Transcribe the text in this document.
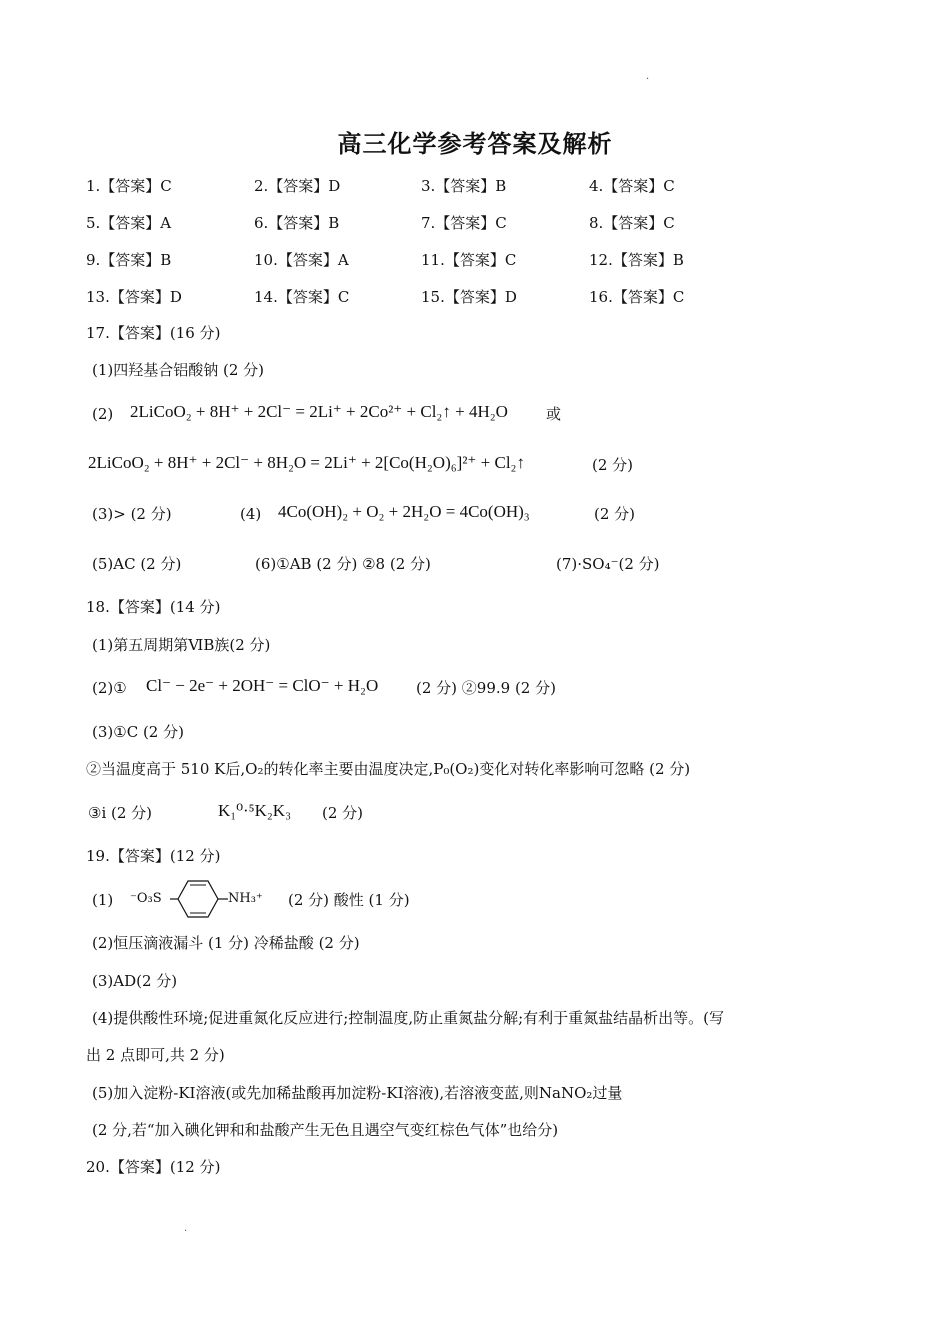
·
高三化学参考答案及解析
1.【答案】C	2.【答案】D	3.【答案】B	4.【答案】C
5.【答案】A	6.【答案】B	7.【答案】C	8.【答案】C
9.【答案】B	10.【答案】A	11.【答案】C	12.【答案】B
13.【答案】D	14.【答案】C	15.【答案】D	16.【答案】C
17.【答案】(16 分)
(1)四羟基合铝酸钠 (2 分)
(2) 2LiCoO₂ + 8H⁺ + 2Cl⁻ = 2Li⁺ + 2Co²⁺ + Cl₂↑ + 4H₂O	或
2LiCoO₂ + 8H⁺ + 2Cl⁻ + 8H₂O = 2Li⁺ + 2[Co(H₂O)₆]²⁺ + Cl₂↑	(2 分)
(3)> (2 分)	(4) 4Co(OH)₂ + O₂ + 2H₂O = 4Co(OH)₃	(2 分)
(5)AC (2 分)	(6)①AB (2 分) ②8 (2 分)	(7)·SO₄⁻(2 分)
18.【答案】(14 分)
(1)第五周期第ⅥB族(2 分)
(2)① Cl⁻ − 2e⁻ + 2OH⁻ = ClO⁻ + H₂O	(2 分) ②99.9 (2 分)
(3)①C (2 分)
②当温度高于 510 K后,O₂的转化率主要由温度决定,P₀(O₂)变化对转化率影响可忽略 (2 分)
③ⅰ (2 分)	K₁⁰·⁵K₂K₃ (2 分)
19.【答案】(12 分)
(1) ⁻O₃S	NH₃⁺ (2 分) 酸性 (1 分)
(2)恒压滴液漏斗 (1 分) 冷稀盐酸 (2 分)
(3)AD(2 分)
(4)提供酸性环境;促进重氮化反应进行;控制温度,防止重氮盐分解;有利于重氮盐结晶析出等。(写
出 2 点即可,共 2 分)
(5)加入淀粉-KI溶液(或先加稀盐酸再加淀粉-KI溶液),若溶液变蓝,则NaNO₂过量
(2 分,若“加入碘化钾和和盐酸产生无色且遇空气变红棕色气体”也给分)
20.【答案】(12 分)
·
